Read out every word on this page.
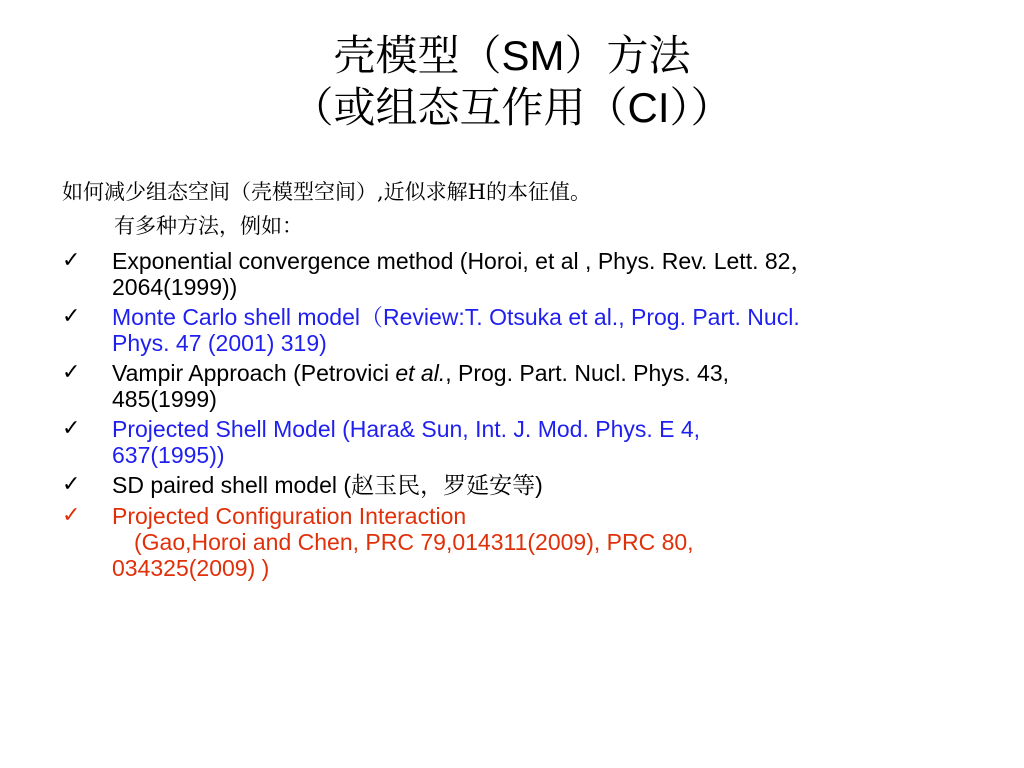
壳模型（SM）方法
（或组态互作用（CI））
如何减少组态空间（壳模型空间）,近似求解H的本征值。
有多种方法，例如：
✓	Exponential convergence method (Horoi, et al , Phys. Rev. Lett. 82，
2064(1999))
✓	Monte Carlo shell model（Review:T. Otsuka et al., Prog. Part. Nucl.
Phys. 47 (2001) 319)
✓	Vampir Approach (Petrovici et al., Prog. Part. Nucl. Phys. 43,
485(1999)
✓	Projected Shell Model (Hara& Sun, Int. J. Mod. Phys. E 4,
637(1995))
✓	SD paired shell model (赵玉民，罗延安等)
✓	Projected Configuration Interaction
(Gao,Horoi and Chen, PRC 79,014311(2009), PRC 80,
034325(2009) )
